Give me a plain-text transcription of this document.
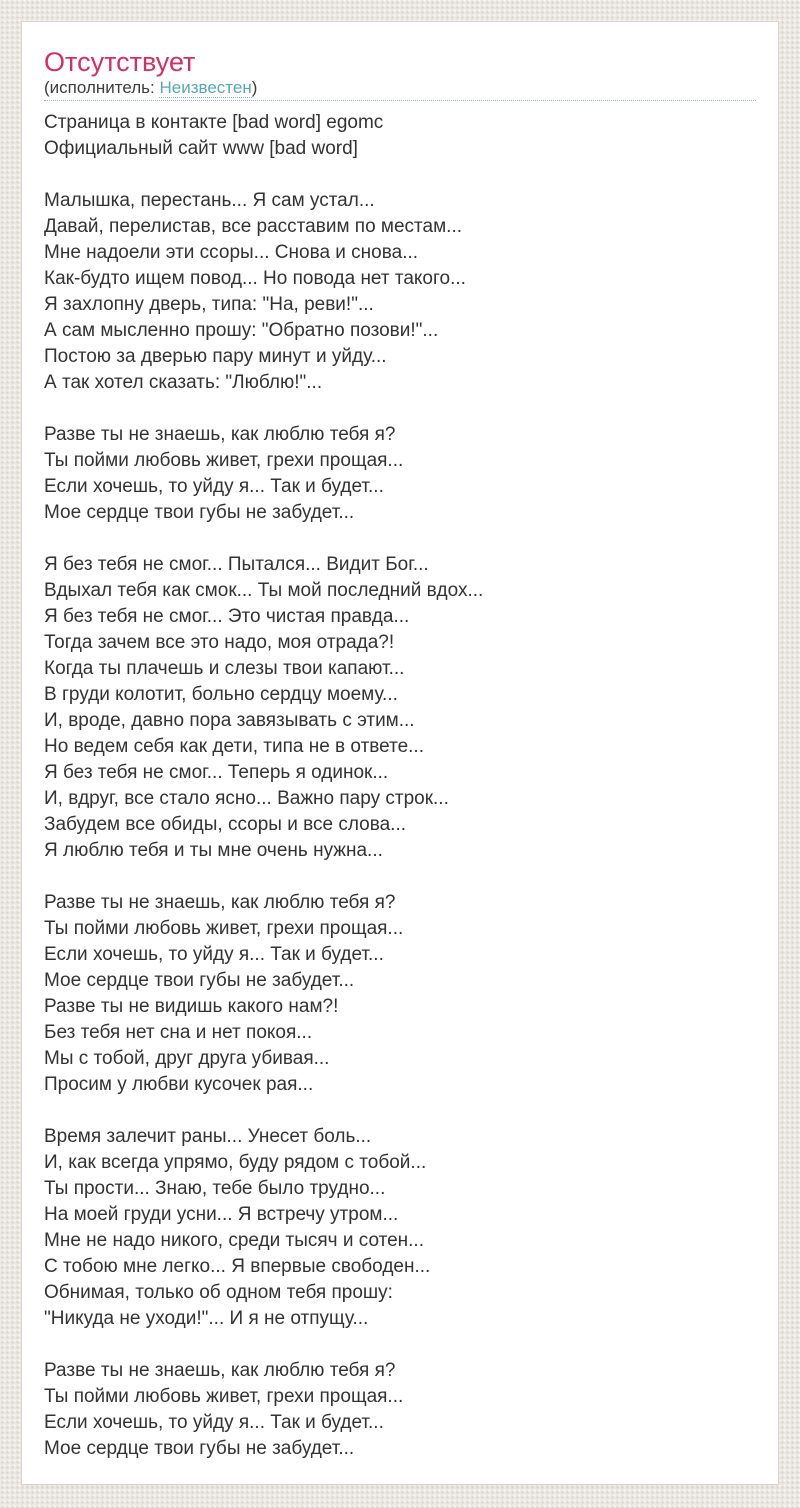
Отсутствует
(исполнитель: Неизвестен)
Страница в контакте [bad word] egomc
Официальный сайт www [bad word]
Малышка, перестань... Я сам устал...
Давай, перелистав, все расставим по местам...
Мне надоели эти ссоры... Снова и снова...
Как-будто ищем повод... Но повода нет такого...
Я захлопну дверь, типа: "На, реви!"...
А сам мысленно прошу: "Обратно позови!"...
Постою за дверью пару минут и уйду...
А так хотел сказать: "Люблю!"...
Разве ты не знаешь, как люблю тебя я?
Ты пойми любовь живет, грехи прощая...
Если хочешь, то уйду я... Так и будет...
Мое сердце твои губы не забудет...
Я без тебя не смог... Пытался... Видит Бог...
Вдыхал тебя как смок... Ты мой последний вдох...
Я без тебя не смог... Это чистая правда...
Тогда зачем все это надо, моя отрада?!
Когда ты плачешь и слезы твои капают...
В груди колотит, больно сердцу моему...
И, вроде, давно пора завязывать с этим...
Но ведем себя как дети, типа не в ответе...
Я без тебя не смог... Теперь я одинок...
И, вдруг, все стало ясно... Важно пару строк...
Забудем все обиды, ссоры и все слова...
Я люблю тебя и ты мне очень нужна...
Разве ты не знаешь, как люблю тебя я?
Ты пойми любовь живет, грехи прощая...
Если хочешь, то уйду я... Так и будет...
Мое сердце твои губы не забудет...
Разве ты не видишь какого нам?!
Без тебя нет сна и нет покоя...
Мы с тобой, друг друга убивая...
Просим у любви кусочек рая...
Время залечит раны... Унесет боль...
И, как всегда упрямо, буду рядом с тобой...
Ты прости... Знаю, тебе было трудно...
На моей груди усни... Я встречу утром...
Мне не надо никого, среди тысяч и сотен...
С тобою мне легко... Я впервые свободен...
Обнимая, только об одном тебя прошу:
"Никуда не уходи!"... И я не отпущу...
Разве ты не знаешь, как люблю тебя я?
Ты пойми любовь живет, грехи прощая...
Если хочешь, то уйду я... Так и будет...
Мое сердце твои губы не забудет...
